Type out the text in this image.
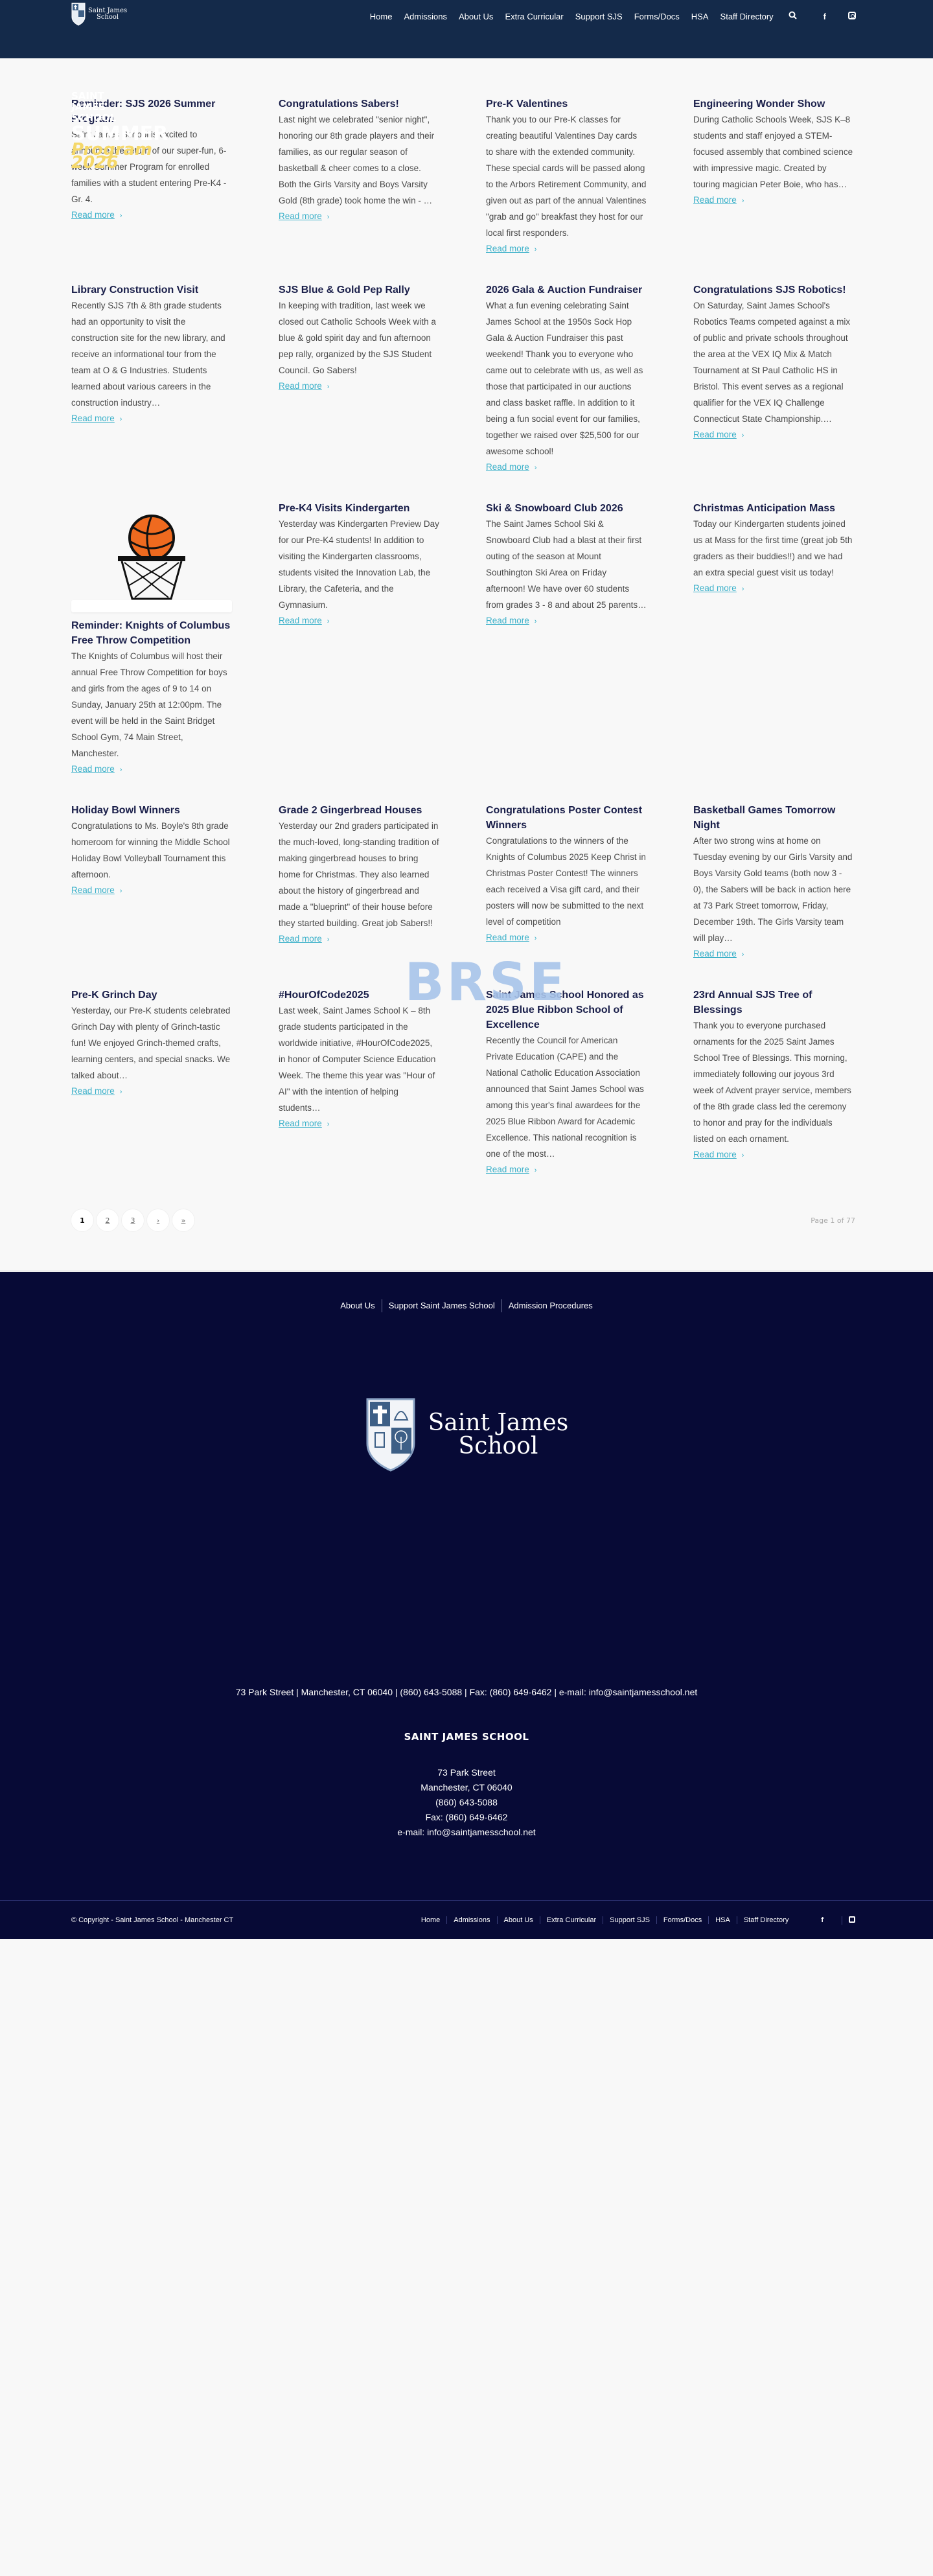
Saint James
School	Home	Admissions	About Us	Extra Curricular	Support SJS	Forms/Docs	HSA	Staff Directory	f

Reminder: SJS 2026 Summer Program

Saint James School is excited to announce the return of our super-fun, 6-week Summer Program for enrolled families with a student entering Pre-K4 - Gr. 4.

Read more ›
Congratulations Sabers!

Last night we celebrated "senior night", honoring our 8th grade players and their families, as our regular season of basketball & cheer comes to a close. Both the Girls Varsity and Boys Varsity Gold (8th grade) took home the win - …

Read more ›
Pre-K Valentines

Thank you to our Pre-K classes for creating beautiful Valentines Day cards to share with the extended community. These special cards will be passed along to the Arbors Retirement Community, and given out as part of the annual Valentines "grab and go" breakfast they host for our local first responders.

Read more ›
Engineering Wonder Show

During Catholic Schools Week, SJS K–8 students and staff enjoyed a STEM-focused assembly that combined science with impressive magic. Created by touring magician Peter Boie, who has…

Read more ›
Library Construction Visit

Recently SJS 7th & 8th grade students had an opportunity to visit the construction site for the new library, and receive an informational tour from the team at O & G Industries. Students learned about various careers in the construction industry…

Read more ›
SJS Blue & Gold Pep Rally

In keeping with tradition, last week we closed out Catholic Schools Week with a blue & gold spirit day and fun afternoon pep rally, organized by the SJS Student Council. Go Sabers!

Read more ›
2026 Gala & Auction Fundraiser

What a fun evening celebrating Saint James School at the 1950s Sock Hop Gala & Auction Fundraiser this past weekend! Thank you to everyone who came out to celebrate with us, as well as those that participated in our auctions and class basket raffle. In addition to it being a fun social event for our families, together we raised over $25,500 for our awesome school!

Read more ›
Congratulations SJS Robotics!

On Saturday, Saint James School's Robotics Teams competed against a mix of public and private schools throughout the area at the VEX IQ Mix & Match Tournament at St Paul Catholic HS in Bristol. This event serves as a regional qualifier for the VEX IQ Challenge Connecticut State Championship.…

Read more ›
Reminder: Knights of Columbus Free Throw Competition

The Knights of Columbus will host their annual Free Throw Competition for boys and girls from the ages of 9 to 14 on Sunday, January 25th at 12:00pm. The event will be held in the Saint Bridget School Gym, 74 Main Street, Manchester.

Read more ›
Pre-K4 Visits Kindergarten

Yesterday was Kindergarten Preview Day for our Pre-K4 students! In addition to visiting the Kindergarten classrooms, students visited the Innovation Lab, the Library, the Cafeteria, and the Gymnasium.

Read more ›
Ski & Snowboard Club 2026

The Saint James School Ski & Snowboard Club had a blast at their first outing of the season at Mount Southington Ski Area on Friday afternoon! We have over 60 students from grades 3 - 8 and about 25 parents…

Read more ›
Christmas Anticipation Mass

Today our Kindergarten students joined us at Mass for the first time (great job 5th graders as their buddies!!) and we had an extra special guest visit us today!

Read more ›
Holiday Bowl Winners

Congratulations to Ms. Boyle's 8th grade homeroom for winning the Middle School Holiday Bowl Volleyball Tournament this afternoon.

Read more ›
Grade 2 Gingerbread Houses

Yesterday our 2nd graders participated in the much-loved, long-standing tradition of making gingerbread houses to bring home for Christmas. They also learned about the history of gingerbread and made a "blueprint" of their house before they started building. Great job Sabers!!

Read more ›
Congratulations Poster Contest Winners

Congratulations to the winners of the Knights of Columbus 2025 Keep Christ in Christmas Poster Contest! The winners each received a Visa gift card, and their posters will now be submitted to the next level of competition

Read more ›
Basketball Games Tomorrow Night

After two strong wins at home on Tuesday evening by our Girls Varsity and Boys Varsity Gold teams (both now 3 - 0), the Sabers will be back in action here at 73 Park Street tomorrow, Friday, December 19th. The Girls Varsity team will play…

Read more ›
Pre-K Grinch Day

Yesterday, our Pre-K students celebrated Grinch Day with plenty of Grinch-tastic fun! We enjoyed Grinch-themed crafts, learning centers, and special snacks. We talked about…

Read more ›
#HourOfCode2025

Last week, Saint James School K – 8th grade students participated in the worldwide initiative, #HourOfCode2025, in honor of Computer Science Education Week. The theme this year was "Hour of AI" with the intention of helping students…

Read more ›
Saint James School Honored as 2025 Blue Ribbon School of Excellence

Recently the Council for American Private Education (CAPE) and the National Catholic Education Association announced that Saint James School was among this year's final awardees for the 2025 Blue Ribbon Award for Academic Excellence. This national recognition is one of the most…

Read more ›
23rd Annual SJS Tree of Blessings

Thank you to everyone purchased ornaments for the 2025 Saint James School Tree of Blessings. This morning, immediately following our joyous 3rd week of Advent prayer service, members of the 8th grade class led the ceremony to honor and pray for the individuals listed on each ornament.

Read more ›
1	2	3	›	»	Page 1 of 77
About Us	Support Saint James School	Admission Procedures
Saint James
School
73 Park Street | Manchester, CT 06040 | (860) 643-5088 | Fax: (860) 649-6462 | e-mail: info@saintjamesschool.net
SAINT JAMES SCHOOL
73 Park Street
Manchester, CT 06040
(860) 643-5088
Fax: (860) 649-6462
e-mail: info@saintjamesschool.net
© Copyright - Saint James School - Manchester CT	Home	Admissions	About Us	Extra Curricular	Support SJS	Forms/Docs	HSA	Staff Directory	f
